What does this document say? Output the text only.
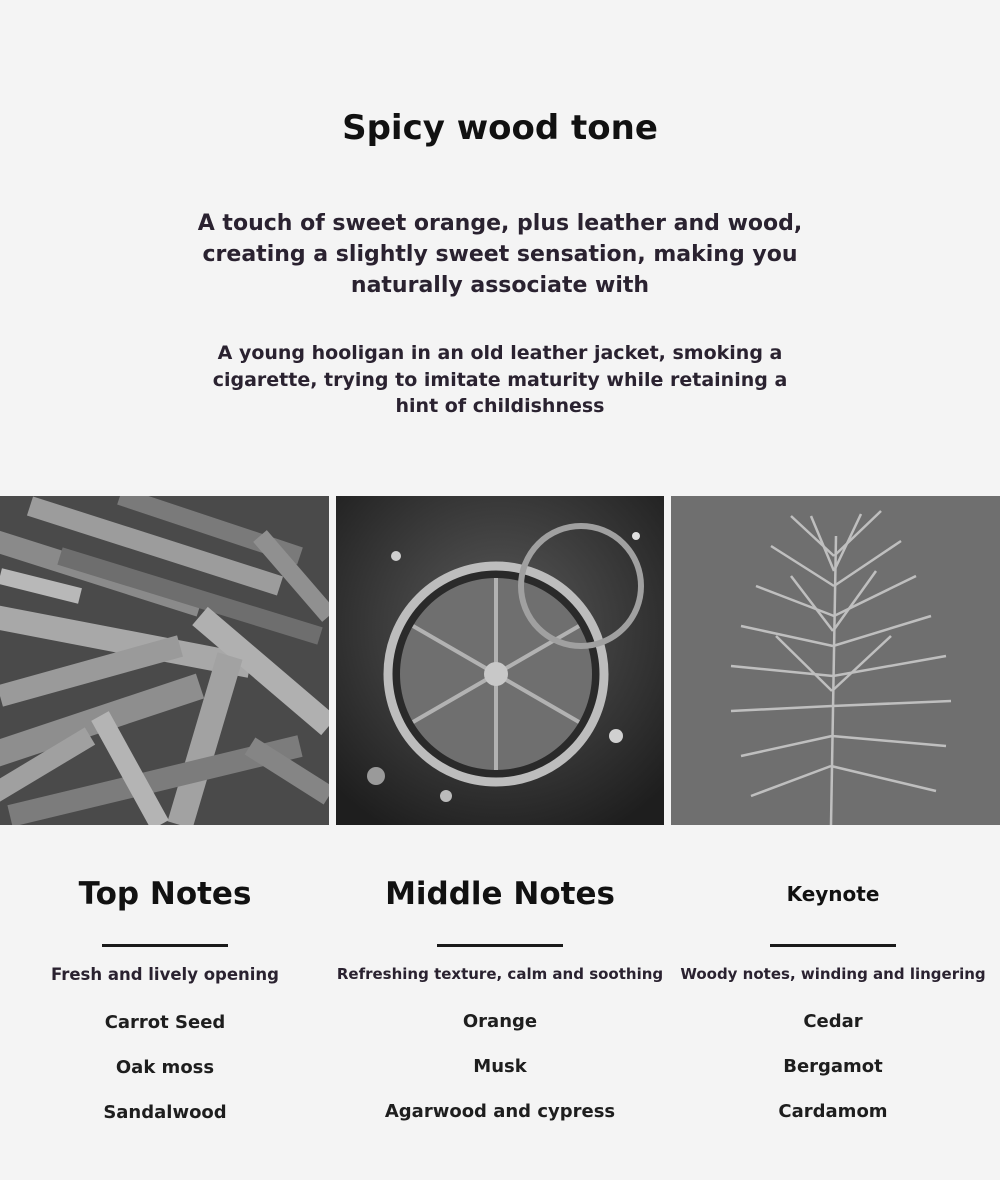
Spicy wood tone
A touch of sweet orange, plus leather and wood, creating a slightly sweet sensation, making you naturally associate with
A young hooligan in an old leather jacket, smoking a cigarette, trying to imitate maturity while retaining a hint of childishness
Top Notes
Fresh and lively opening
Carrot Seed
Oak moss
Sandalwood
Middle Notes
Refreshing texture, calm and soothing
Orange
Musk
Agarwood and cypress
Keynote
Woody notes, winding and lingering
Cedar
Bergamot
Cardamom
